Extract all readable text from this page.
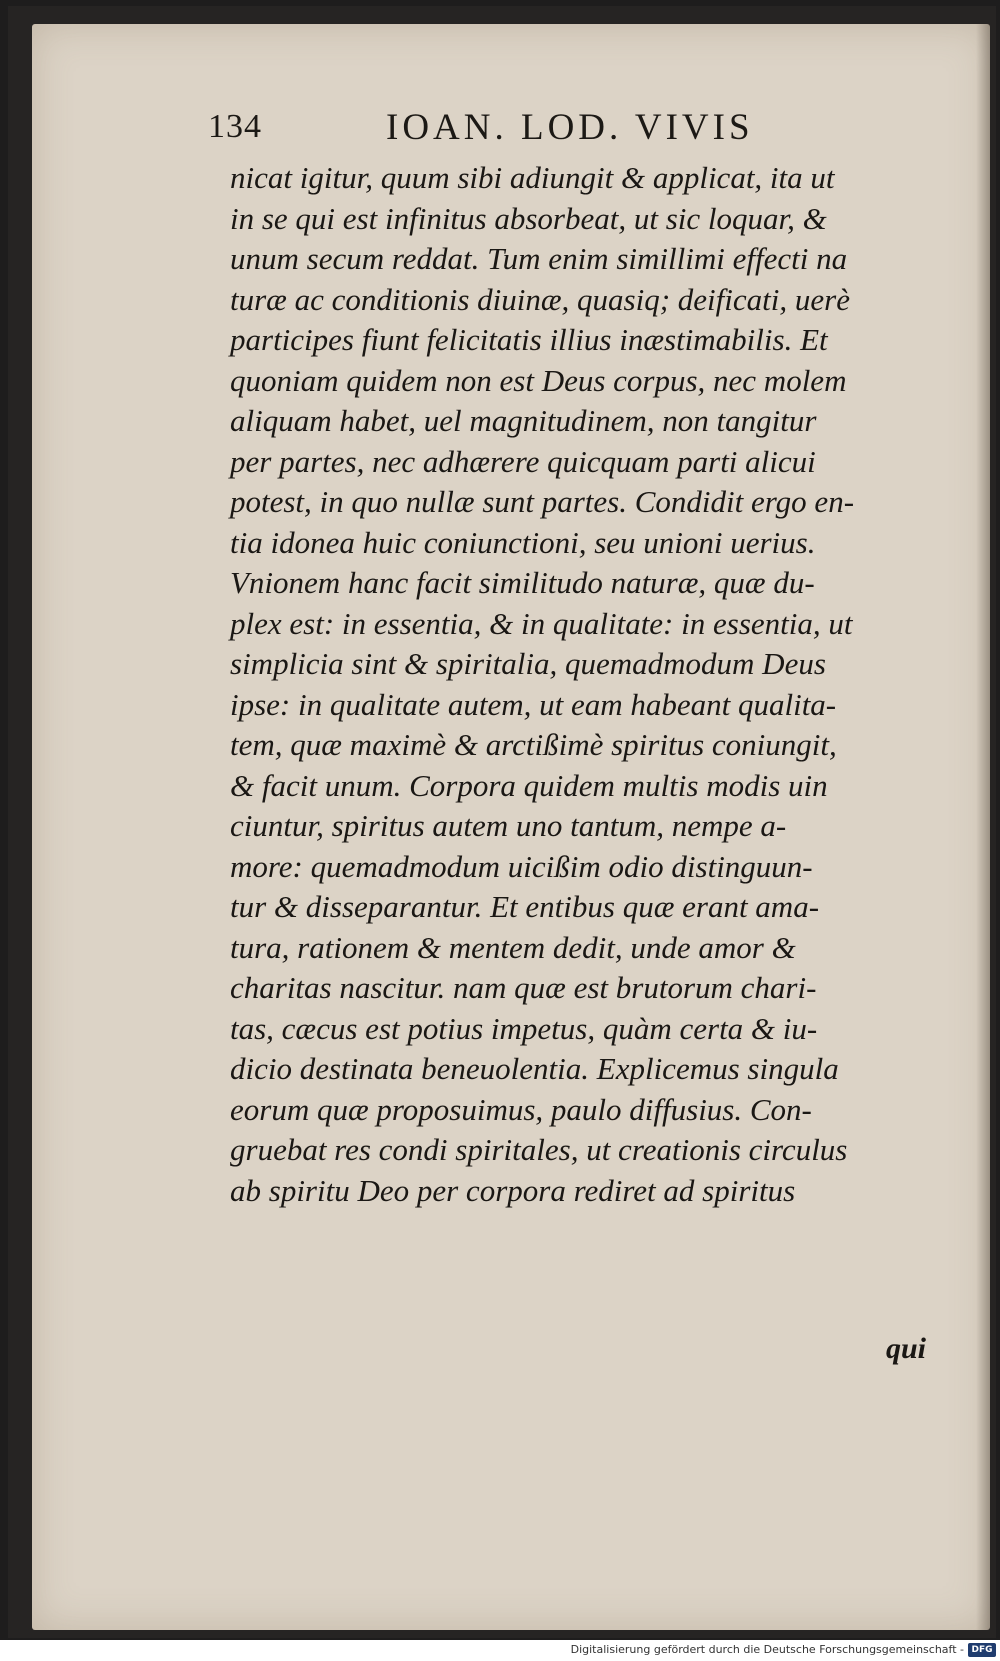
134	IOAN. LOD. VIVIS
nicat igitur, quum sibi adiungit & applicat, ita ut
in se qui est infinitus absorbeat, ut sic loquar, &
unum secum reddat. Tum enim simillimi effecti na
turæ ac conditionis diuinæ, quasiq; deificati, uerè
participes fiunt felicitatis illius inæstimabilis. Et
quoniam quidem non est Deus corpus, nec molem
aliquam habet, uel magnitudinem, non tangitur
per partes, nec adhærere quicquam parti alicui
potest, in quo nullæ sunt partes. Condidit ergo en-
tia idonea huic coniunctioni, seu unioni uerius.
Vnionem hanc facit similitudo naturæ, quæ du-
plex est: in essentia, & in qualitate: in essentia, ut
simplicia sint & spiritalia, quemadmodum Deus
ipse: in qualitate autem, ut eam habeant qualita-
tem, quæ maximè & arctißimè spiritus coniungit,
& facit unum. Corpora quidem multis modis uin
ciuntur, spiritus autem uno tantum, nempe a-
more: quemadmodum uicißim odio distinguun-
tur & disseparantur. Et entibus quæ erant ama-
tura, rationem & mentem dedit, unde amor &
charitas nascitur. nam quæ est brutorum chari-
tas, cæcus est potius impetus, quàm certa & iu-
dicio destinata beneuolentia. Explicemus singula
eorum quæ proposuimus, paulo diffusius. Con-
gruebat res condi spiritales, ut creationis circulus
ab spiritu Deo per corpora rediret ad spiritus
qui
Digitalisierung gefördert durch die Deutsche Forschungsgemeinschaft - DFG
